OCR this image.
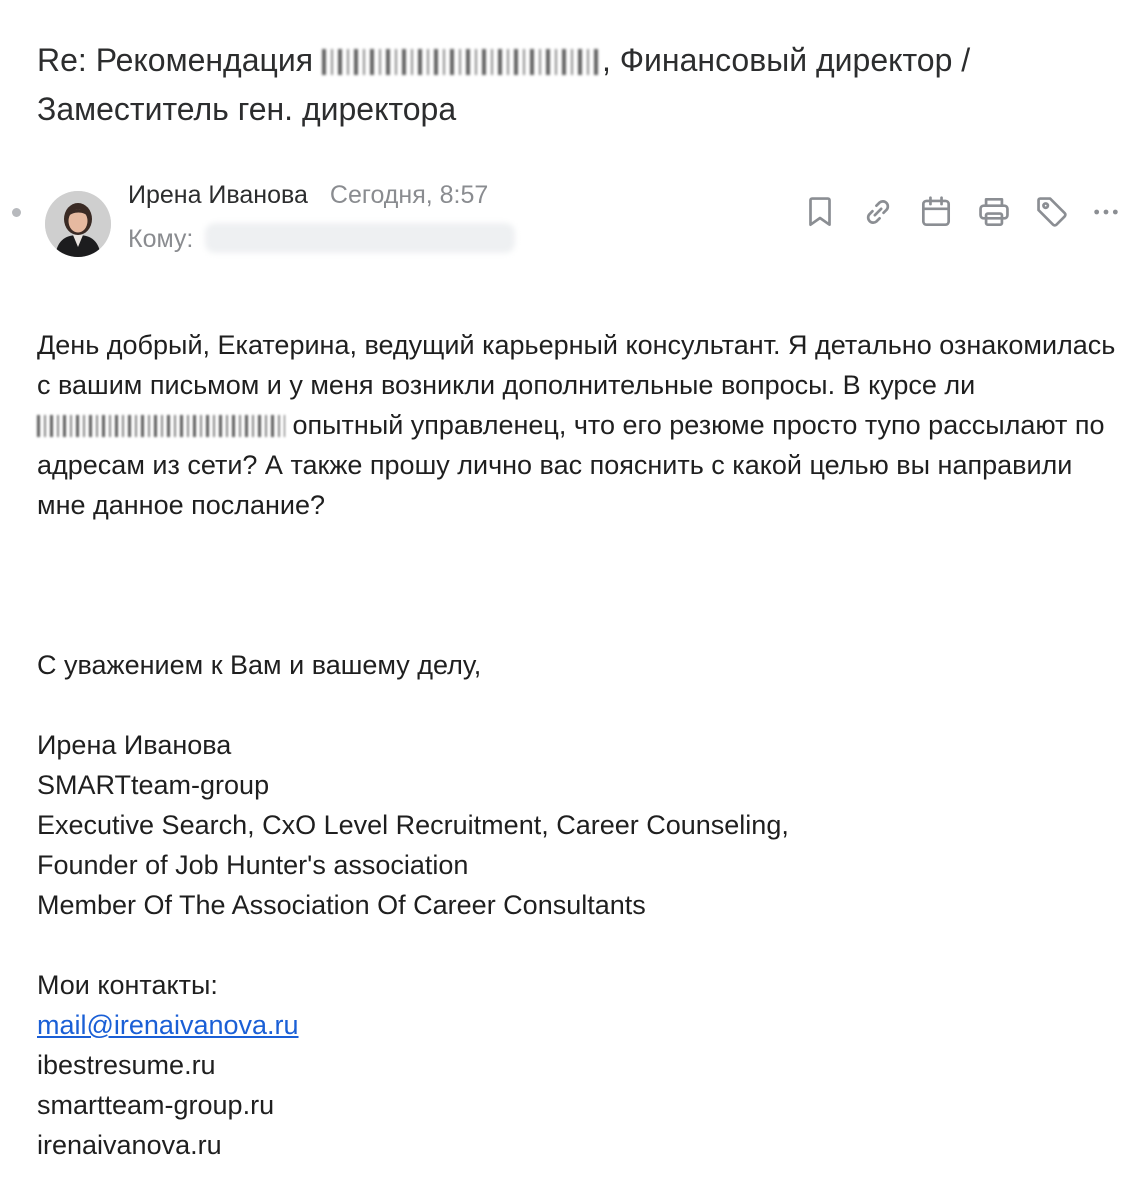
Re: Рекомендация	, Финансовый директор / Заместитель ген. директора
Ирена Иванова Сегодня, 8:57
Кому:

День добрый, Екатерина, ведущий карьерный консультант. Я детально ознакомилась с вашим письмом и у меня возникли дополнительные вопросы. В курсе ли  опытный управленец, что его резюме просто тупо рассылают по адресам из сети? А также прошу лично вас пояснить с какой целью вы направили мне данное послание?

С уважением к Вам и вашему делу,
Ирена Иванова
SMARTteam-group
Executive Search, CxO Level Recruitment, Career Counseling,
Founder of Job Hunter's association
Member Of The Association Of Career Consultants
Мои контакты:
mail@irenaivanova.ru
ibestresume.ru
smartteam-group.ru
irenaivanova.ru
